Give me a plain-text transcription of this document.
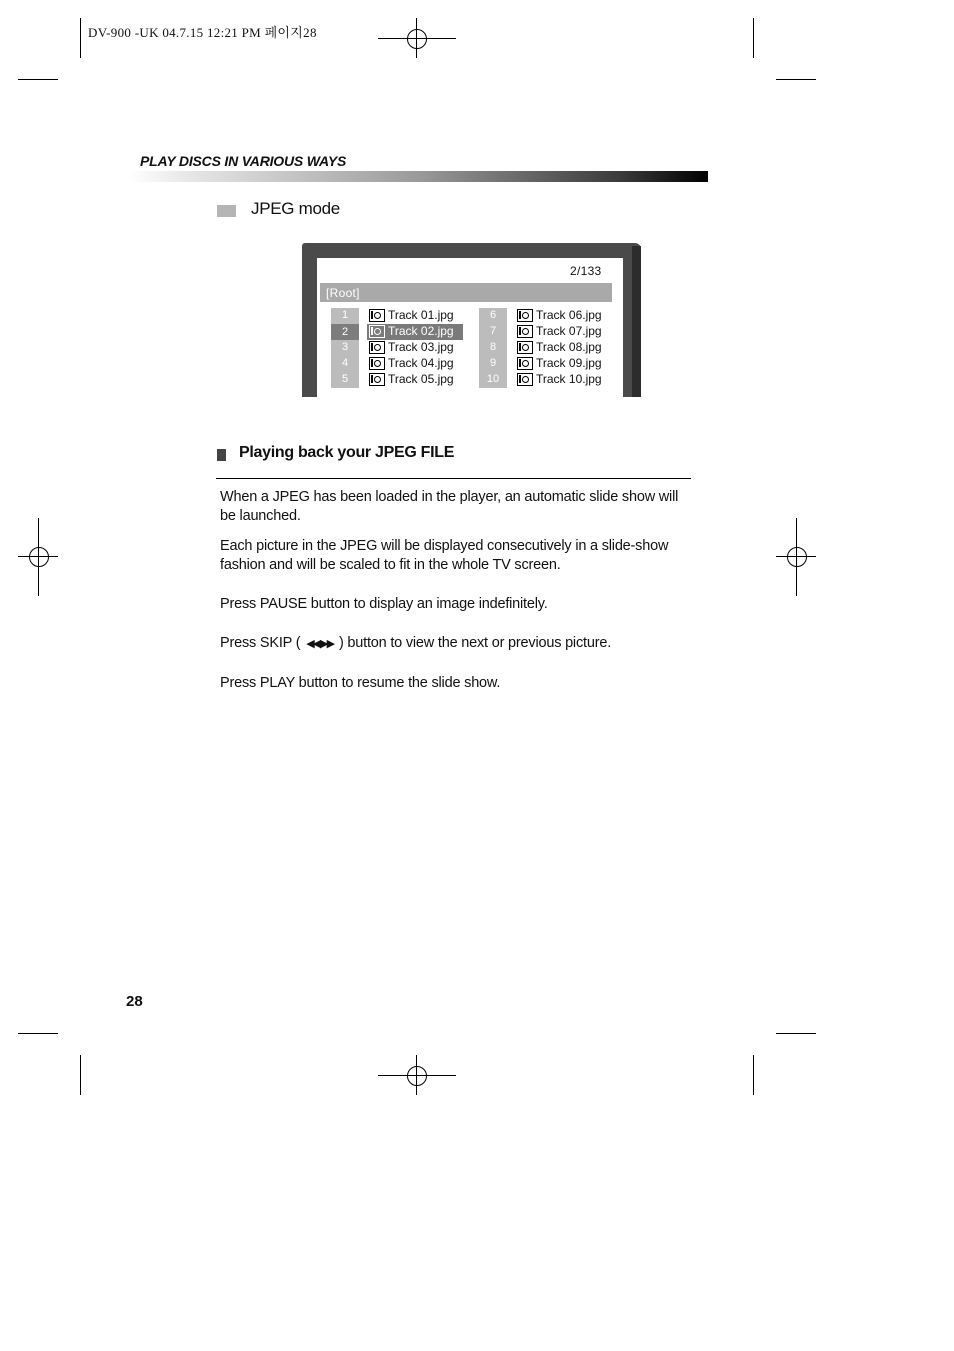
DV-900 -UK 04.7.15 12:21 PM 페이지28
PLAY DISCS IN VARIOUS WAYS
JPEG mode
2/133
[Root]
1
2
3
4
5
6
7
8
9
10
Track 01.jpg
Track 02.jpg
Track 03.jpg
Track 04.jpg
Track 05.jpg
Track 06.jpg
Track 07.jpg
Track 08.jpg
Track 09.jpg
Track 10.jpg
Playing back your JPEG FILE
When a JPEG has been loaded in the player, an automatic slide show will be launched.
Each picture in the JPEG will be displayed consecutively in a slide-show fashion and will be scaled to fit in the whole TV screen.
Press PAUSE button to display an image indefinitely.
Press SKIP ( ◀◀ ▶▶ ) button to view the next or previous picture.
Press PLAY button to resume the slide show.
28
